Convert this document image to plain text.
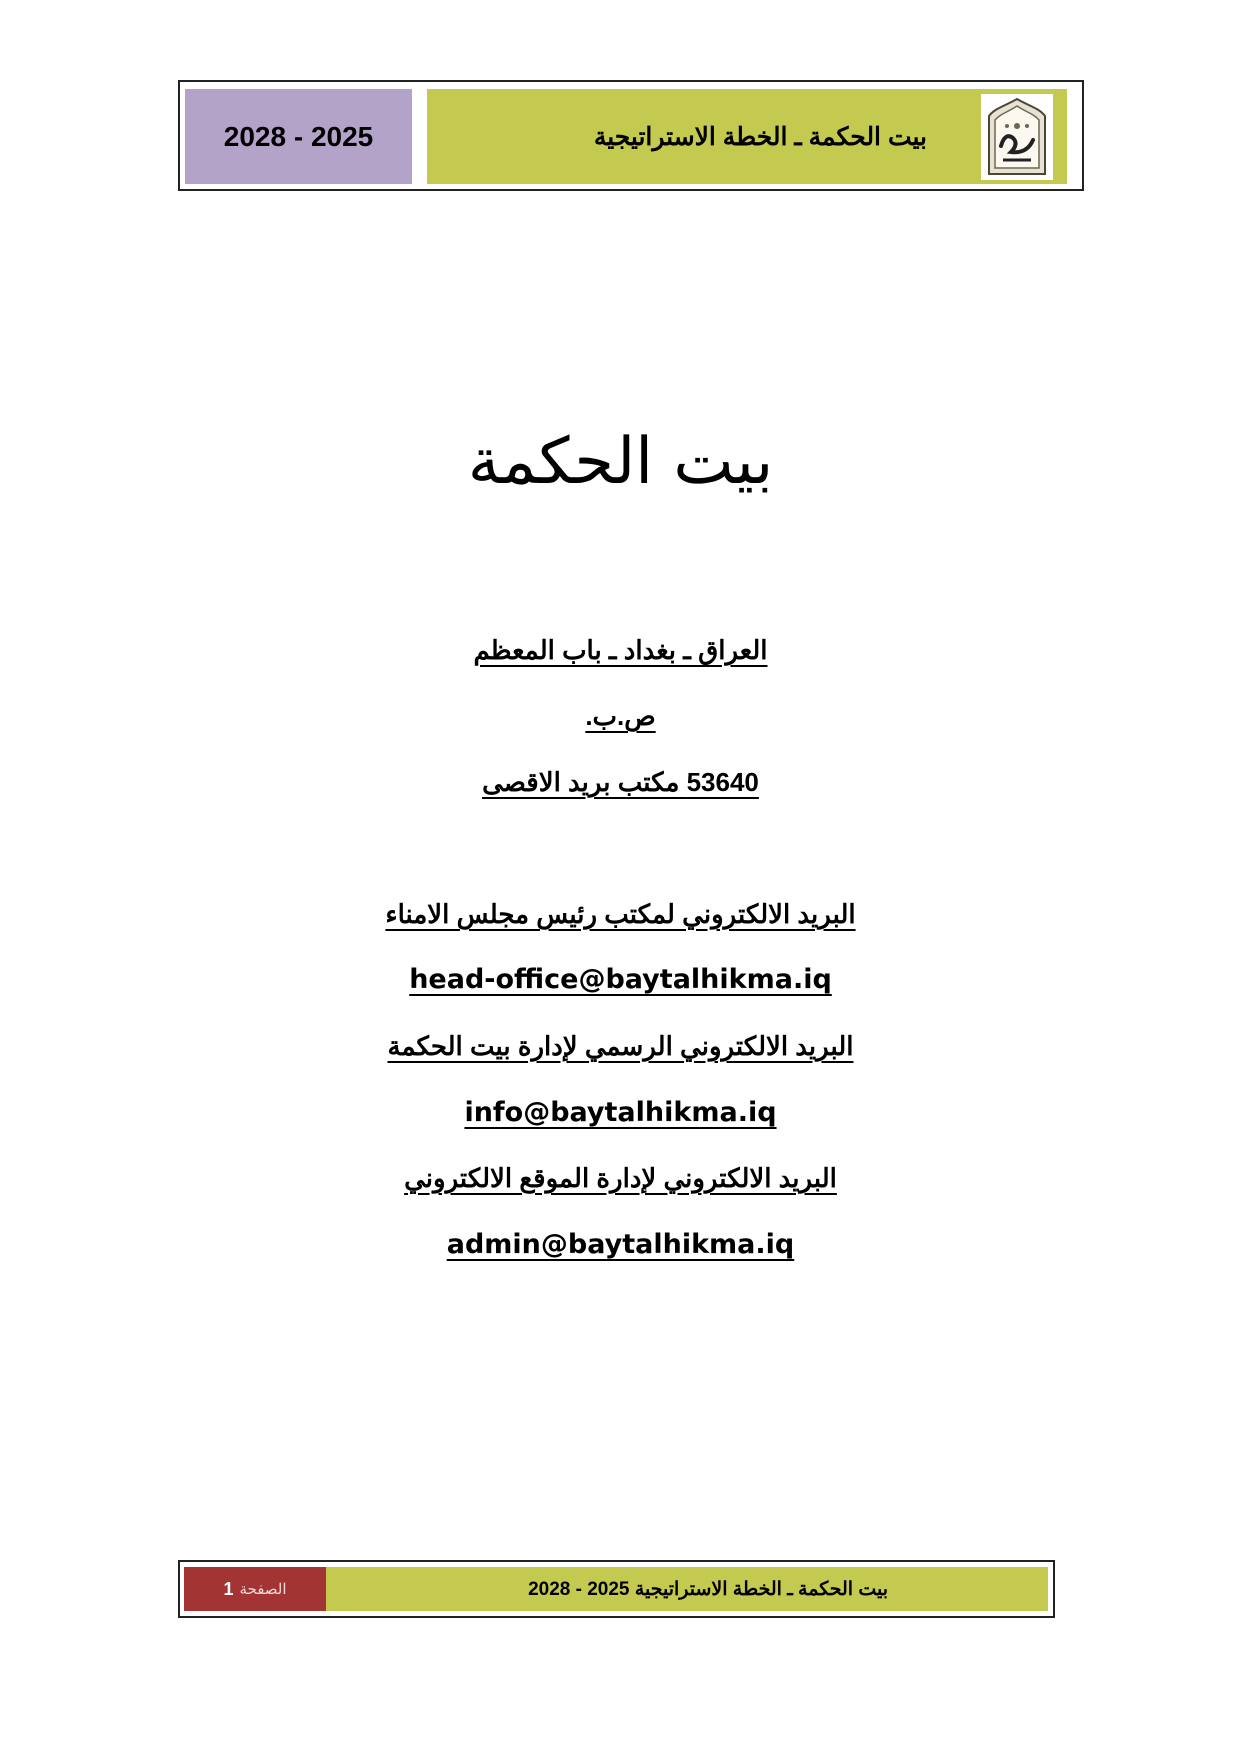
2028 - 2025	بيت الحكمة ـ الخطة الاستراتيجية
بيت الحكمة
العراق ـ بغداد ـ باب المعظم
ص.ب.
53640 مكتب بريد الاقصى
البريد الالكتروني لمكتب رئيس مجلس الامناء
head-office@baytalhikma.iq
البريد الالكتروني الرسمي لإدارة بيت الحكمة
info@baytalhikma.iq
البريد الالكتروني لإدارة الموقع الالكتروني
admin@baytalhikma.iq
الصفحة
1	بيت الحكمة ـ الخطة الاستراتيجية 2025 - 2028
